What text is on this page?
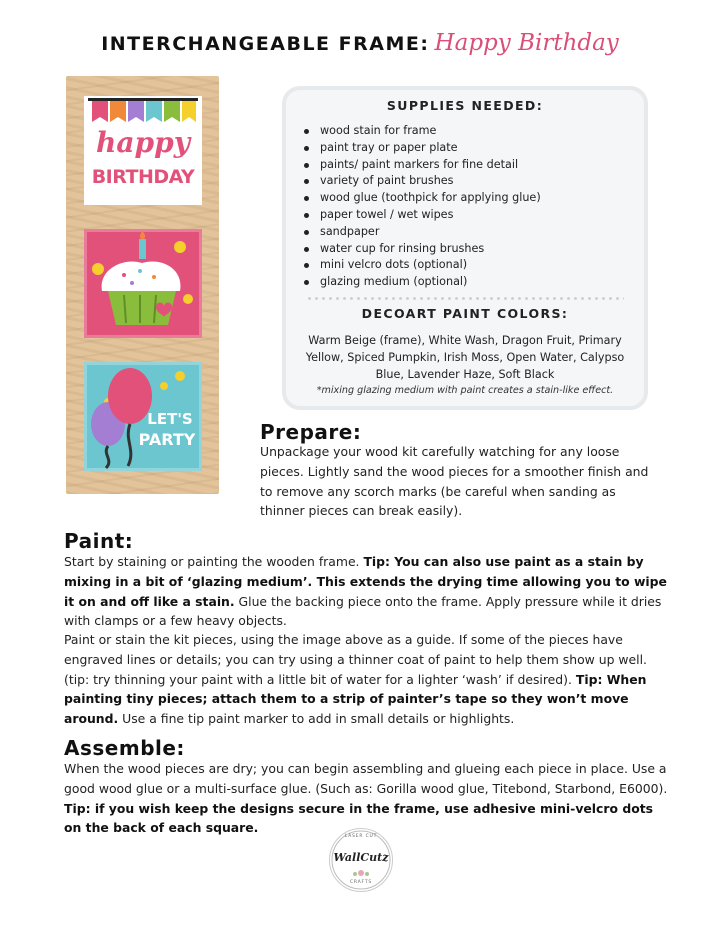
INTERCHANGEABLE FRAME: Happy Birthday
happy
BIRTHDAY
LET'S
PARTY
SUPPLIES NEEDED:
wood stain for frame
paint tray or paper plate
paints/ paint markers for fine detail
variety of paint brushes
wood glue (toothpick for applying glue)
paper towel / wet wipes
sandpaper
water cup for rinsing brushes
mini velcro dots (optional)
glazing medium (optional)
DECOART PAINT COLORS:
Warm Beige (frame), White Wash, Dragon Fruit, Primary Yellow, Spiced Pumpkin, Irish Moss, Open Water, Calypso Blue, Lavender Haze, Soft Black
*mixing glazing medium with paint creates a stain-like effect.
Prepare:
Unpackage your wood kit carefully watching for any loose pieces. Lightly sand the wood pieces for a smoother finish and to remove any scorch marks (be careful when sanding as thinner pieces can break easily).
Paint:
Start by staining or painting the wooden frame. Tip: You can also use paint as a stain by mixing in a bit of ‘glazing medium’. This extends the drying time allowing you to wipe it on and off like a stain. Glue the backing piece onto the frame. Apply pressure while it dries with clamps or a few heavy objects.
Paint or stain the kit pieces, using the image above as a guide. If some of the pieces have engraved lines or details; you can try using a thinner coat of paint to help them show up well. (tip: try thinning your paint with a little bit of water for a lighter ‘wash’ if desired). Tip: When painting tiny pieces; attach them to a strip of painter’s tape so they won’t move around. Use a fine tip paint marker to add in small details or highlights.
Assemble:
When the wood pieces are dry; you can begin assembling and glueing each piece in place. Use a good wood glue or a multi-surface glue. (Such as: Gorilla wood glue, Titebond, Starbond, E6000). Tip: if you wish keep the designs secure in the frame, use adhesive mini-velcro dots on the back of each square.
LASER CUT
WallCutz
CRAFTS
